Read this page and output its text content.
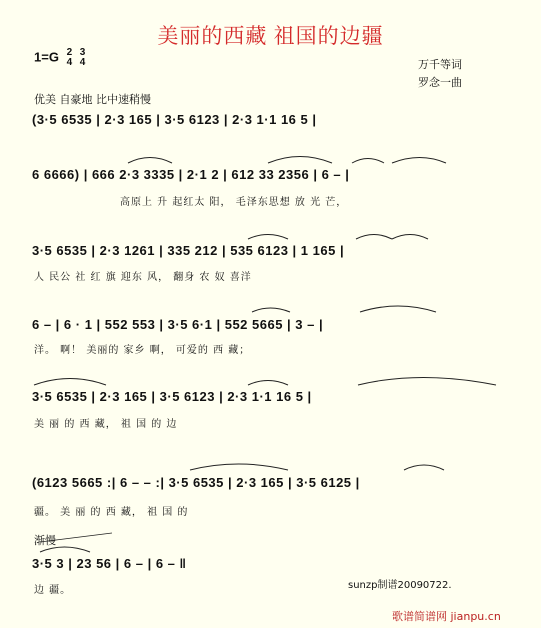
美丽的西藏 祖国的边疆
1=G 2
4

3
4	万千等词
罗念一曲
优美 自豪地 比中速稍慢
(3·5 6535 | 2·3 165 | 3·5 6123 | 2·3 1·1 16 5 |
6 6666) | 666 2·3 3335 | 2·1 2 | 612 33 2356 | 6 – |
高原上 升 起红太 阳， 毛泽东思想 放 光 芒，
3·5 6535 | 2·3 1261 | 335 212 | 535 6123 | 1 165 |
人 民公 社 红 旗 迎东 风， 翻身 农 奴 喜洋
6 – | 6 · 1 | 552 553 | 3·5 6·1 | 552 5665 | 3 – |
洋。 啊！ 美丽的 家乡 啊， 可爱的 西 藏；
3·5 6535 | 2·3 165 | 3·5 6123 | 2·3 1·1 16 5 |
美 丽 的 西 藏， 祖 国 的 边
(6123 5665 :| 6 – – :| 3·5 6535 | 2·3 165 | 3·5 6125 |
疆。 美 丽 的 西 藏， 祖 国 的
渐慢
3·5 3 | 23 56 | 6 – | 6 – ‖
边 疆。	sunzp制谱20090722.
歌谱简谱网 jianpu.cn
